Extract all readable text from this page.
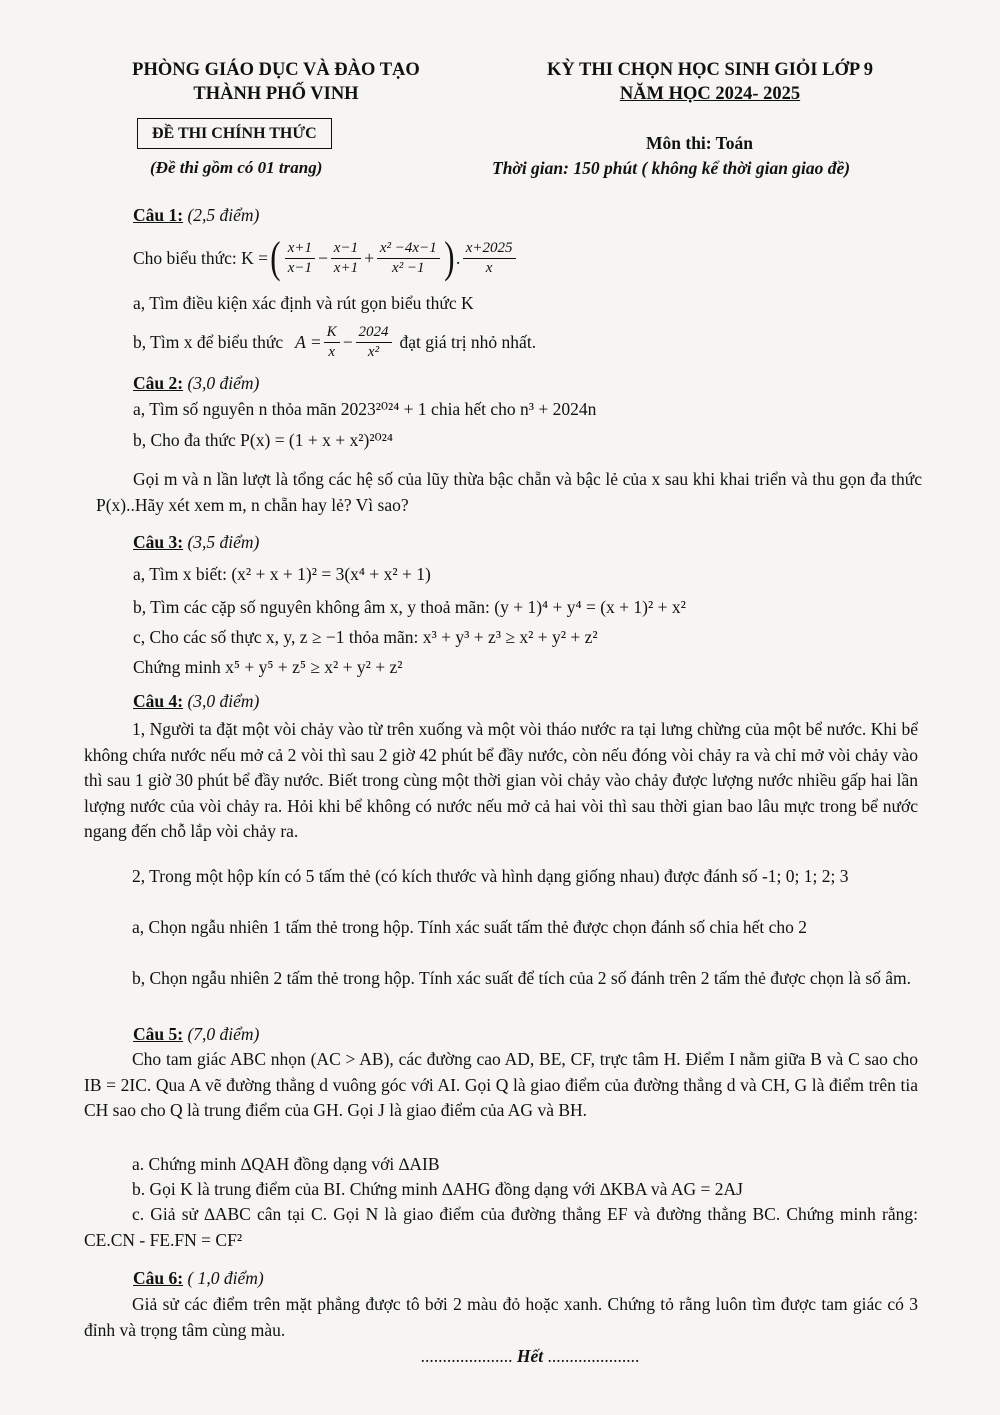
PHÒNG GIÁO DỤC VÀ ĐÀO TẠO
THÀNH PHỐ VINH
KỲ THI CHỌN HỌC SINH GIỎI LỚP 9
NĂM HỌC 2024- 2025
ĐỀ THI CHÍNH THỨC
(Đề thi gồm có 01 trang)
Môn thi: Toán
Thời gian: 150 phút ( không kể thời gian giao đề)
Câu 1: (2,5 điểm)
Cho biểu thức: K = ( $\frac{x+1}{x-1} - \frac{x-1}{x+1} + \frac{\text{x² −4x−1}}{\text{x² −1}}$ ) . $\frac{x+2025}{x}$
a, Tìm điều kiện xác định và rút gọn biểu thức K
b, Tìm x để biểu thức $A = \frac{K}{x} - \frac{2024}{\text{x²}}$ đạt giá trị nhỏ nhất.
Câu 2: (3,0 điểm)
a, Tìm số nguyên n thỏa mãn 2023²⁰²⁴ + 1 chia hết cho n³ + 2024n
b, Cho đa thức P(x) = (1 + x + x²)²⁰²⁴
Gọi m và n lần lượt là tổng các hệ số của lũy thừa bậc chẵn và bậc lẻ của x sau khi khai triển và thu gọn đa thức P(x)..Hãy xét xem m, n chẵn hay lẻ? Vì sao?
Câu 3: (3,5 điểm)
a, Tìm x biết: (x² + x + 1)² = 3(x⁴ + x² + 1)
b, Tìm các cặp số nguyên không âm x, y thoả mãn: (y + 1)⁴ + y⁴ = (x + 1)² + x²
c, Cho các số thực x, y, z ≥ −1 thỏa mãn: x³ + y³ + z³ ≥ x² + y² + z²
Chứng minh x⁵ + y⁵ + z⁵ ≥ x² + y² + z²
Câu 4: (3,0 điểm)
1, Người ta đặt một vòi chảy vào từ trên xuống và một vòi tháo nước ra tại lưng chừng của một bể nước. Khi bể không chứa nước nếu mở cả 2 vòi thì sau 2 giờ 42 phút bể đầy nước, còn nếu đóng vòi chảy ra và chỉ mở vòi chảy vào thì sau 1 giờ 30 phút bể đầy nước. Biết trong cùng một thời gian vòi chảy vào chảy được lượng nước nhiều gấp hai lần lượng nước của vòi chảy ra. Hỏi khi bể không có nước nếu mở cả hai vòi thì sau thời gian bao lâu mực trong bể nước ngang đến chỗ lắp vòi chảy ra.
2, Trong một hộp kín có 5 tấm thẻ (có kích thước và hình dạng giống nhau) được đánh số -1; 0; 1; 2; 3
a, Chọn ngẫu nhiên 1 tấm thẻ trong hộp. Tính xác suất tấm thẻ được chọn đánh số chia hết cho 2
b, Chọn ngẫu nhiên 2 tấm thẻ trong hộp. Tính xác suất để tích của 2 số đánh trên 2 tấm thẻ được chọn là số âm.
Câu 5: (7,0 điểm)
Cho tam giác ABC nhọn (AC > AB), các đường cao AD, BE, CF, trực tâm H. Điểm I nằm giữa B và C sao cho IB = 2IC. Qua A vẽ đường thẳng d vuông góc với AI. Gọi Q là giao điểm của đường thẳng d và CH, G là điểm trên tia CH sao cho Q là trung điểm của GH. Gọi J là giao điểm của AG và BH.
a. Chứng minh ∆QAH đồng dạng với ∆AIB
b. Gọi K là trung điểm của BI. Chứng minh ∆AHG đồng dạng với ∆KBA và AG = 2AJ
c. Giả sử ∆ABC cân tại C. Gọi N là giao điểm của đường thẳng EF và đường thẳng BC. Chứng minh rằng: CE.CN - FE.FN = CF²
Câu 6: ( 1,0 điểm)
Giả sử các điểm trên mặt phẳng được tô bởi 2 màu đỏ hoặc xanh. Chứng tỏ rằng luôn tìm được tam giác có 3 đỉnh và trọng tâm cùng màu.
..................... Hết .....................
